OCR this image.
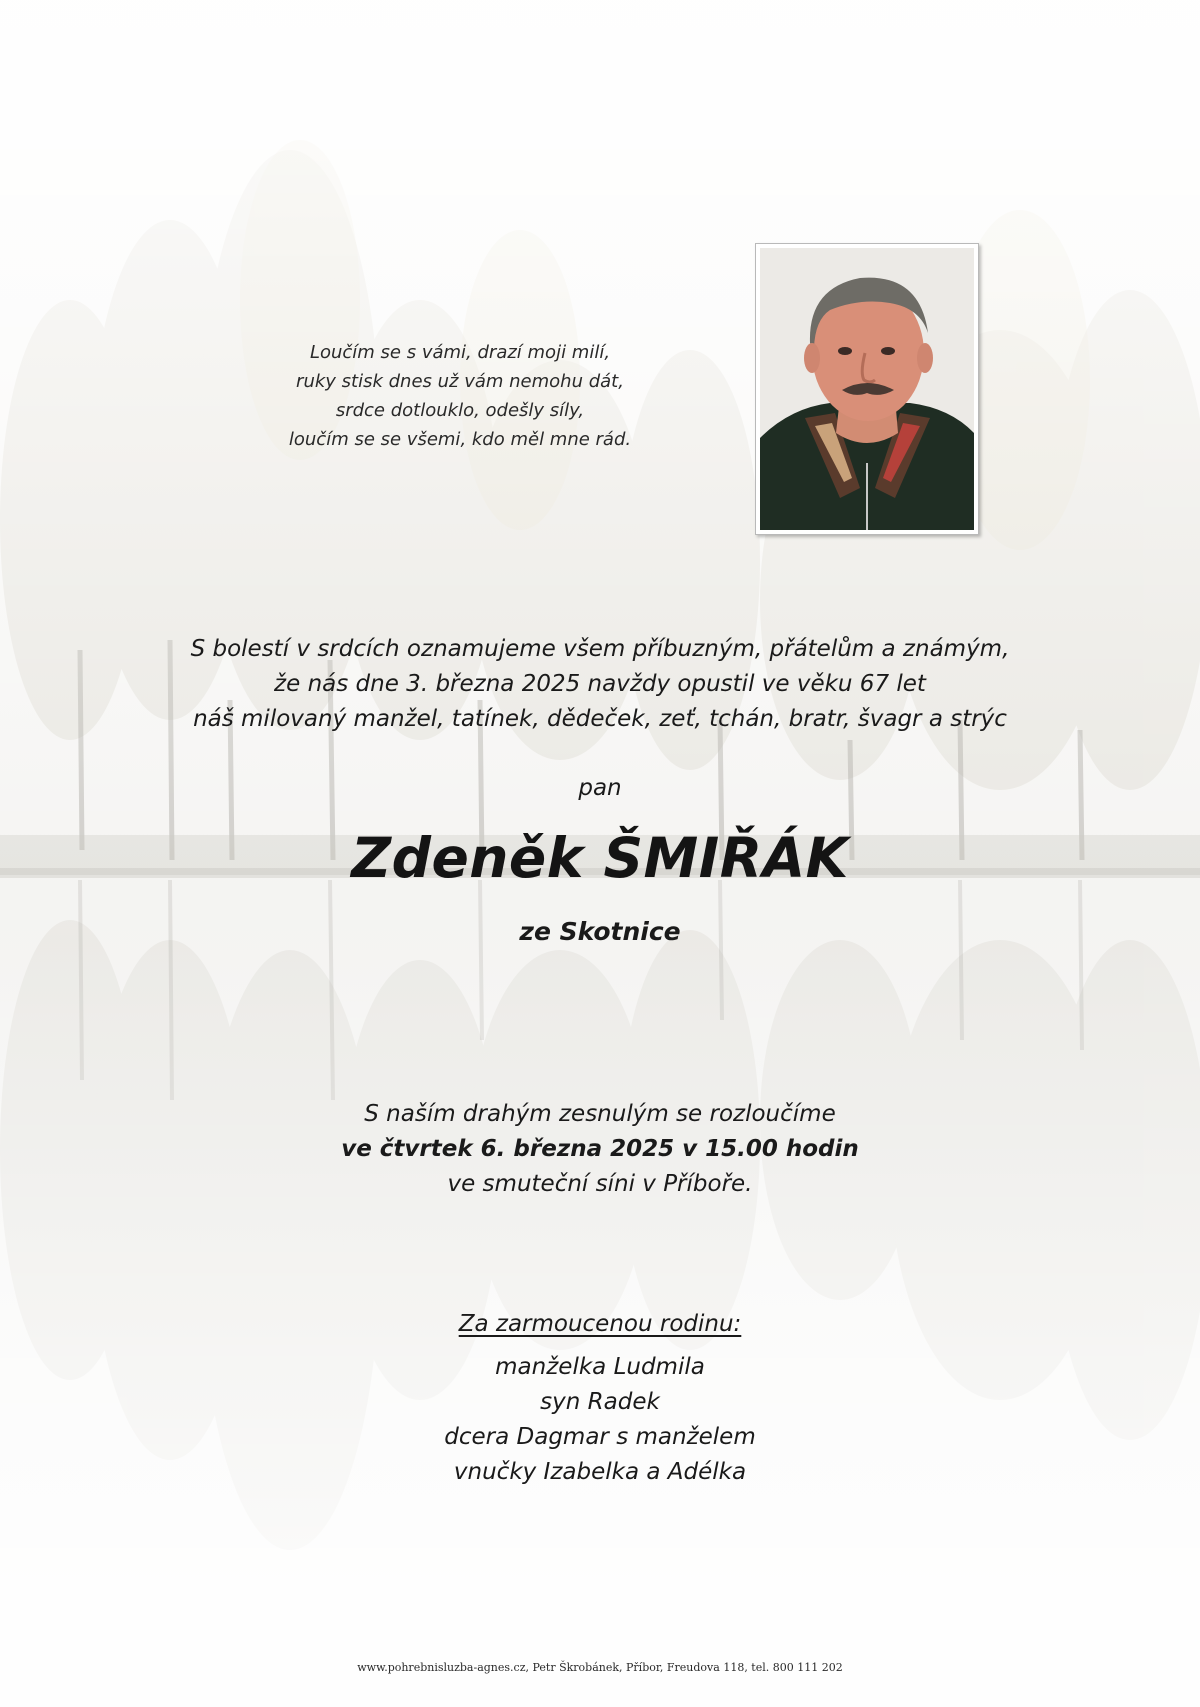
Loučím se s vámi, drazí moji milí,
ruky stisk dnes už vám nemohu dát,
srdce dotlouklo, odešly síly,
loučím se se všemi, kdo měl mne rád.
S bolestí v srdcích oznamujeme všem příbuzným, přátelům a známým,
že nás dne 3. března 2025 navždy opustil ve věku 67 let
náš milovaný manžel, tatínek, dědeček, zeť, tchán, bratr, švagr a strýc
pan
Zdeněk ŠMIŘÁK
ze Skotnice
S naším drahým zesnulým se rozloučíme
ve čtvrtek 6. března 2025 v 15.00 hodin
ve smuteční síni v Příboře.
Za zarmoucenou rodinu:
manželka Ludmila
syn Radek
dcera Dagmar s manželem
vnučky Izabelka a Adélka
www.pohrebnisluzba-agnes.cz, Petr Škrobánek, Příbor, Freudova 118, tel. 800 111 202
